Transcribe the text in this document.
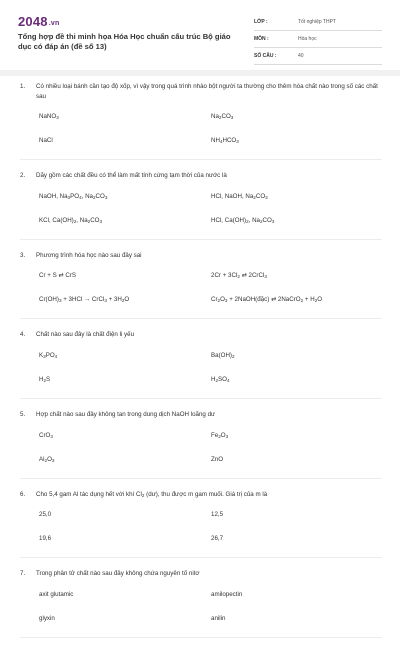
2048.vn
Tổng hợp đề thi minh họa Hóa Học chuẩn cấu trúc Bộ giáo dục có đáp án (đề số 13)
LỚP :	Tốt nghiệp THPT
MÔN :	Hóa học
SỐ CÂU :	40
1. Có nhiều loại bánh cần tạo độ xốp, vì vậy trong quá trình nhào bột người ta thường cho thêm hóa chất nào trong số các chất sau
NaNO$_3$	$Na_2CO_3$
NaCl	$NH_4HCO_3$
2. Dãy gồm các chất đều có thể làm mất tính cứng tạm thời của nước là
NaOH, $Na_3PO_4$, $Na_2CO_3$	HCl, NaOH, $Na_2CO_3$
KCl, $Ca(OH)_2$, $Na_2CO_3$	HCl, $Ca(OH)_2$, $Na_2CO_3$
3. Phương trình hóa học nào sau đây sai
Cr + S ⇄ CrS	$2Cr + 3Cl_2$ ⇄ 2CrCl$_3$
$Cr(OH)_3 + 3HCl$ → CrCl$_3$ + $3H_2O$	$Cr_2O_3$ + 2NaOH(đặc) ⇄ 2NaCrO$_2$ + $H_2O$
4. Chất nào sau đây là chất điện li yếu
$K_3PO_4$	$Ba(OH)_2$
$H_2S$	$H_2SO_4$
5. Hợp chất nào sau đây không tan trong dung dịch NaOH loãng dư
CrO$_3$	$Fe_2O_3$
$Al_2O_3$	ZnO
6. Cho 5,4 gam Al tác dụng hết với khí $Cl_2$ (dư), thu được m gam muối. Giá trị của m là
25,0	12,5
19,6	26,7
7. Trong phân tử chất nào sau đây không chứa nguyên tố nitơ
axit glutamic	amilopectin
glyxin	anilin
